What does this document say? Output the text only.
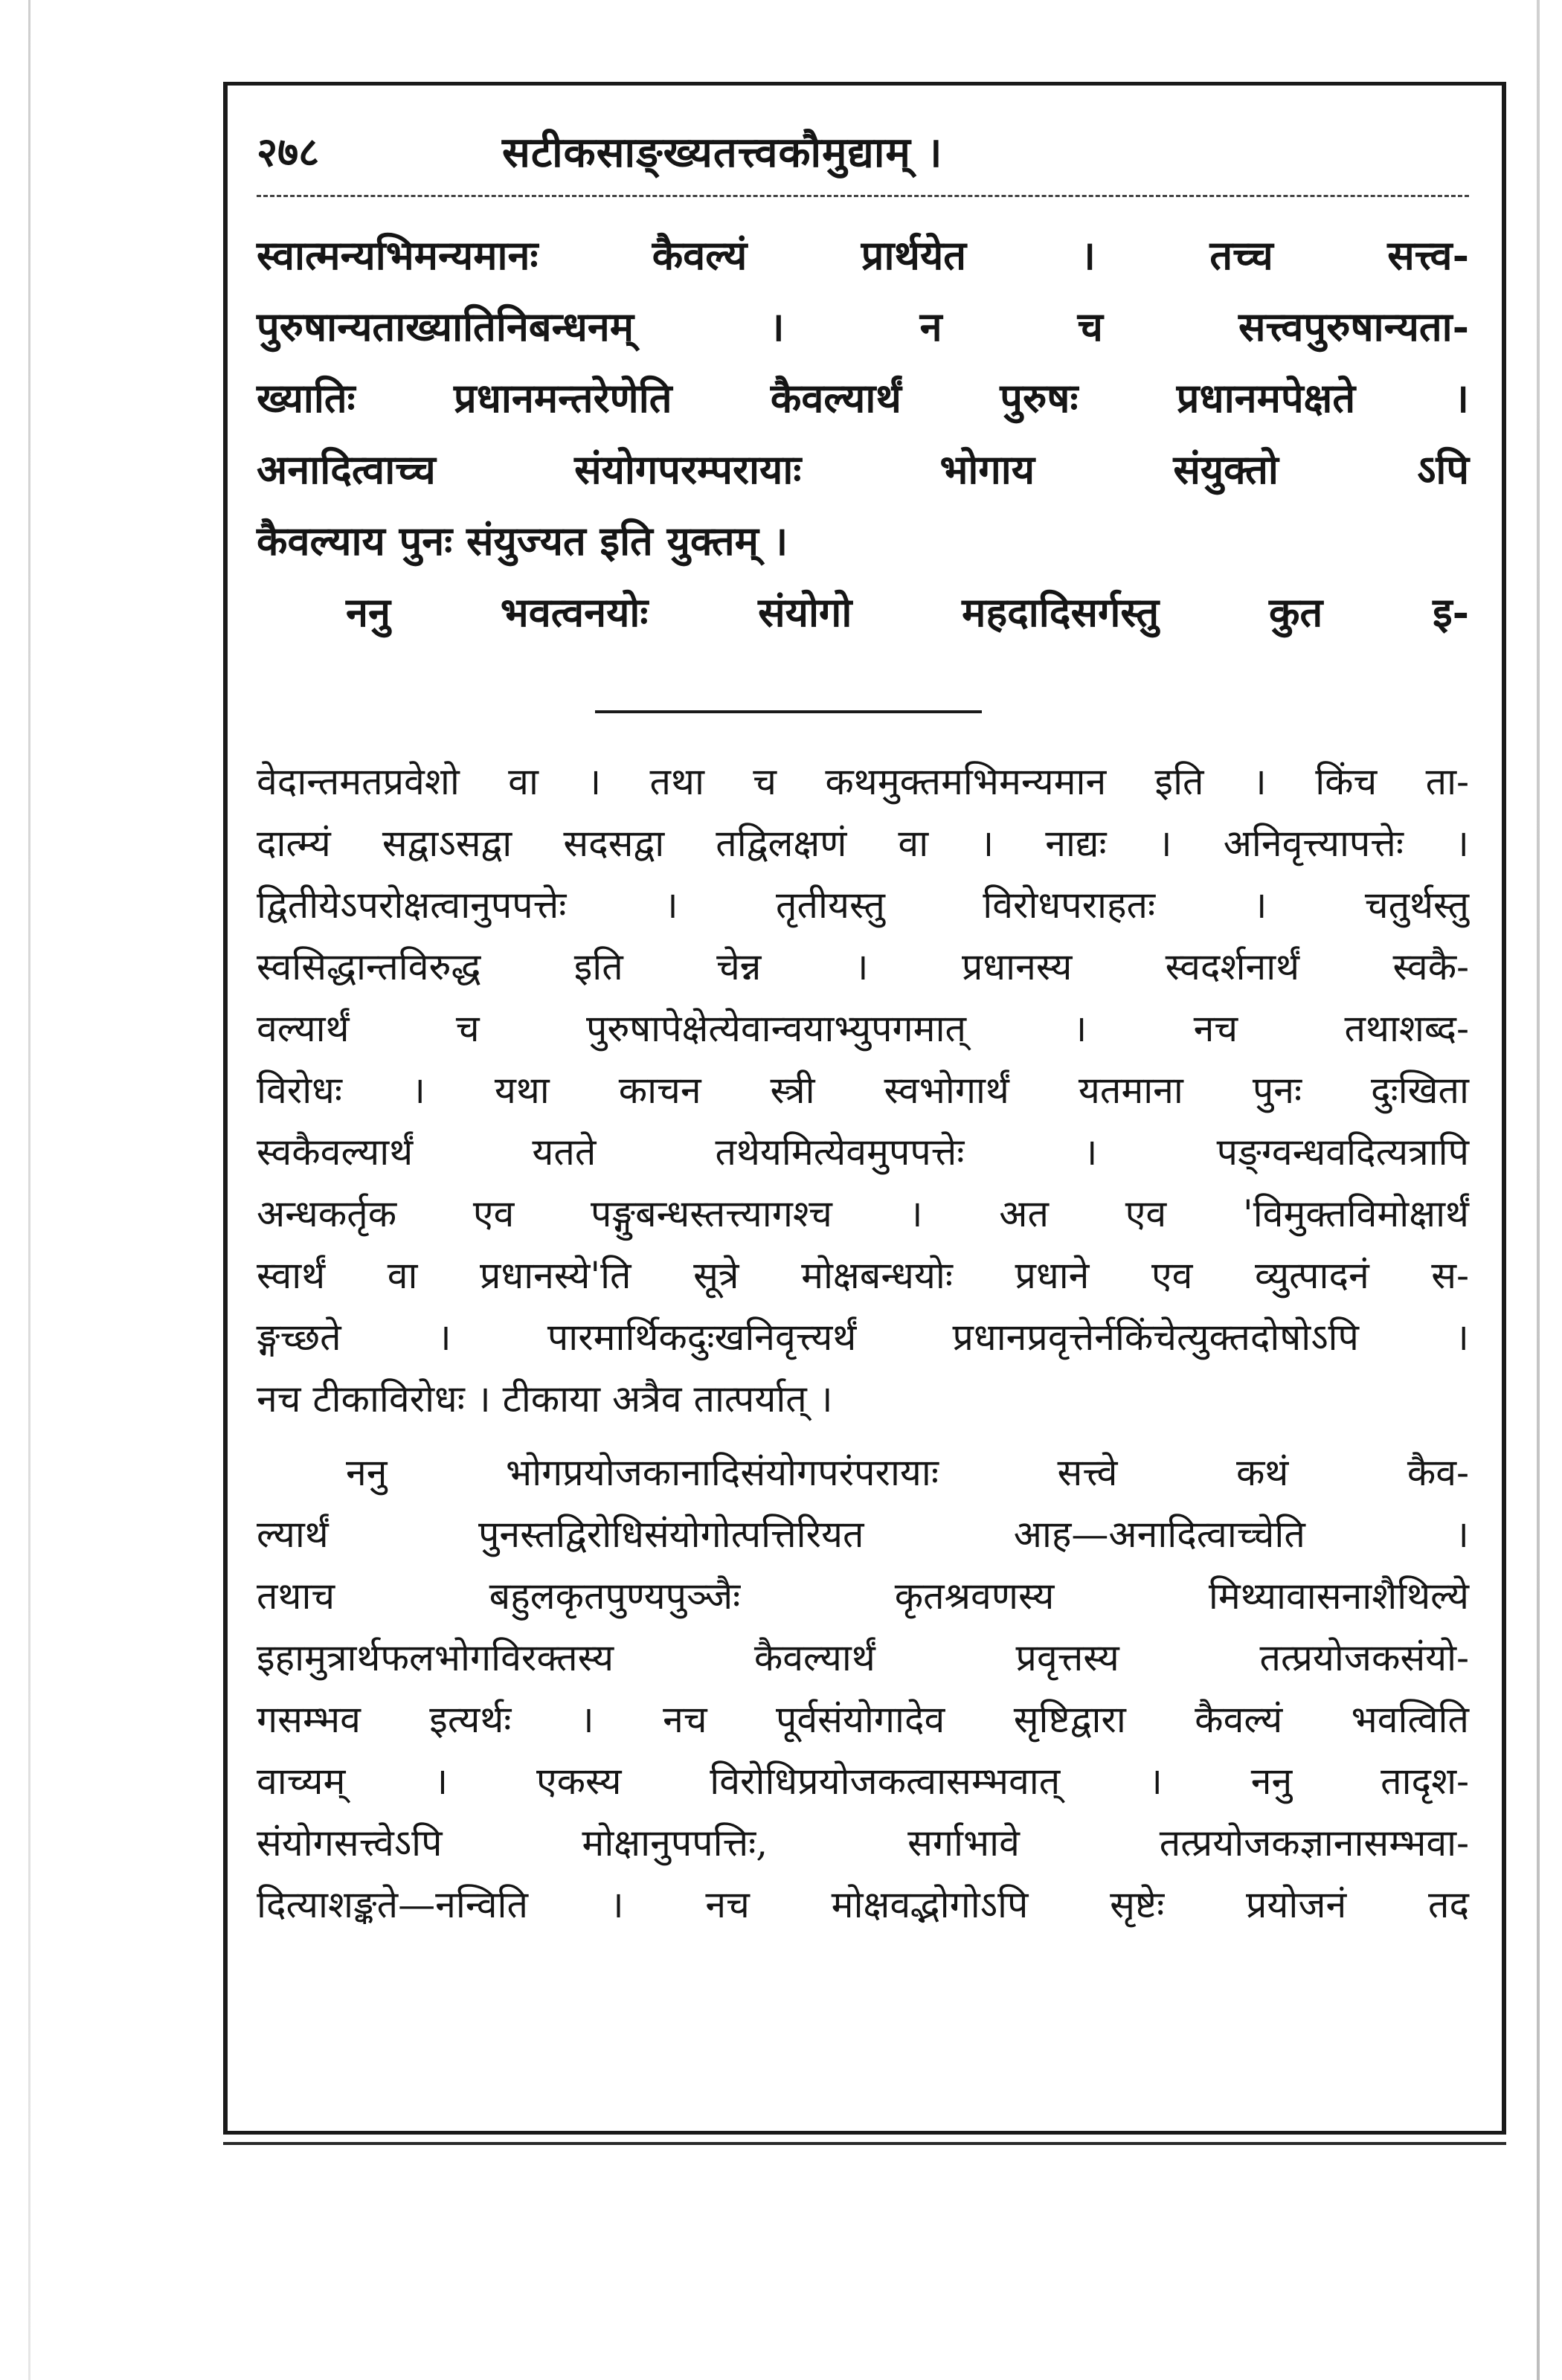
२७८	सटीकसाङ्ख्यतत्त्वकौमुद्याम् ।
स्वात्मन्यभिमन्यमानः कैवल्यं प्रार्थयेत । तच्च सत्त्व-
पुरुषान्यताख्यातिनिबन्धनम् । न च सत्त्वपुरुषान्यता-
ख्यातिः प्रधानमन्तरेणेति कैवल्यार्थं पुरुषः प्रधानमपेक्षते ।
अनादित्वाच्च संयोगपरम्परायाः भोगाय संयुक्तो ऽपि
कैवल्याय पुनः संयुज्यत इति युक्तम् ।
ननु भवत्वनयोः संयोगो महदादिसर्गस्तु कुत इ-
वेदान्तमतप्रवेशो वा । तथा च कथमुक्तमभिमन्यमान इति । किंच ता-
दात्म्यं सद्वाऽसद्वा सदसद्वा तद्विलक्षणं वा । नाद्यः । अनिवृत्त्यापत्तेः ।
द्वितीयेऽपरोक्षत्वानुपपत्तेः । तृतीयस्तु विरोधपराहतः । चतुर्थस्तु
स्वसिद्धान्तविरुद्ध इति चेन्न । प्रधानस्य स्वदर्शनार्थं स्वकै-
वल्यार्थं च पुरुषापेक्षेत्येवान्वयाभ्युपगमात् । नच तथाशब्द-
विरोधः । यथा काचन स्त्री स्वभोगार्थं यतमाना पुनः दुःखिता
स्वकैवल्यार्थं यतते तथेयमित्येवमुपपत्तेः । पङ्ग्वन्धवदित्यत्रापि
अन्धकर्तृक एव पङ्गुबन्धस्तत्त्यागश्च । अत एव 'विमुक्तविमोक्षार्थं
स्वार्थं वा प्रधानस्ये'ति सूत्रे मोक्षबन्धयोः प्रधाने एव व्युत्पादनं स-
ङ्गच्छते । पारमार्थिकदुःखनिवृत्त्यर्थं प्रधानप्रवृत्तेर्नकिंचेत्युक्तदोषोऽपि ।
नच टीकाविरोधः । टीकाया अत्रैव तात्पर्यात् ।
ननु भोगप्रयोजकानादिसंयोगपरंपरायाः सत्त्वे कथं कैव-
ल्यार्थं पुनस्तद्विरोधिसंयोगोत्पत्तिरियत आह—अनादित्वाच्चेति ।
तथाच बहुलकृतपुण्यपुञ्जैः कृतश्रवणस्य मिथ्यावासनाशैथिल्ये
इहामुत्रार्थफलभोगविरक्तस्य कैवल्यार्थं प्रवृत्तस्य तत्प्रयोजकसंयो-
गसम्भव इत्यर्थः । नच पूर्वसंयोगादेव सृष्टिद्वारा कैवल्यं भवत्विति
वाच्यम् । एकस्य विरोधिप्रयोजकत्वासम्भवात् । ननु तादृश-
संयोगसत्त्वेऽपि मोक्षानुपपत्तिः, सर्गाभावे तत्प्रयोजकज्ञानासम्भवा-
दित्याशङ्कते—नन्विति । नच मोक्षवद्भोगोऽपि सृष्टेः प्रयोजनं तद
